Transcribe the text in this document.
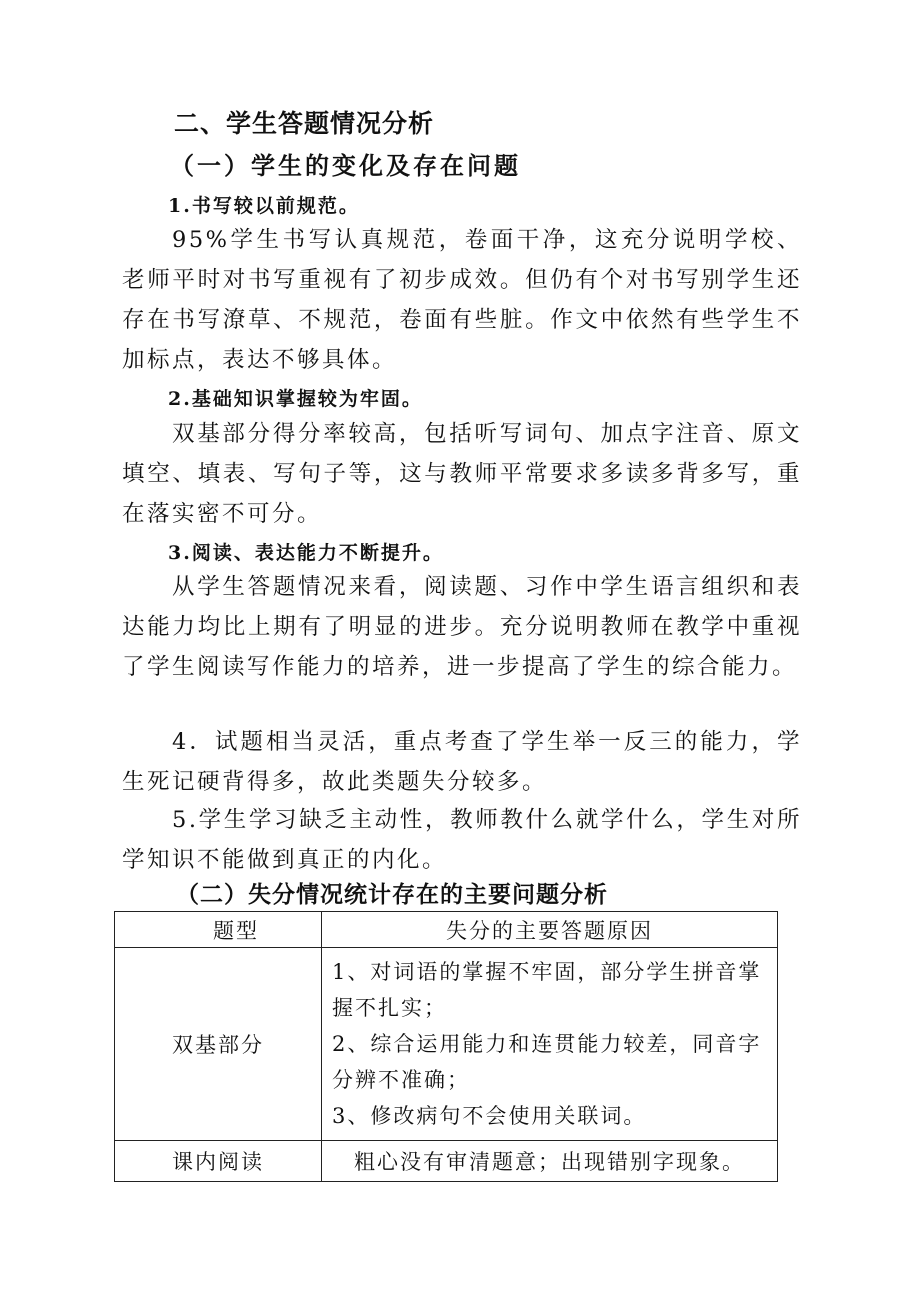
二、学生答题情况分析
（一）学生的变化及存在问题
1.书写较以前规范。
95%学生书写认真规范，卷面干净，这充分说明学校、老师平时对书写重视有了初步成效。但仍有个对书写别学生还存在书写潦草、不规范，卷面有些脏。作文中依然有些学生不加标点，表达不够具体。
2.基础知识掌握较为牢固。
双基部分得分率较高，包括听写词句、加点字注音、原文填空、填表、写句子等，这与教师平常要求多读多背多写，重在落实密不可分。
3.阅读、表达能力不断提升。
从学生答题情况来看，阅读题、习作中学生语言组织和表达能力均比上期有了明显的进步。充分说明教师在教学中重视了学生阅读写作能力的培养，进一步提高了学生的综合能力。
4．试题相当灵活，重点考查了学生举一反三的能力，学生死记硬背得多，故此类题失分较多。
5.学生学习缺乏主动性，教师教什么就学什么，学生对所学知识不能做到真正的内化。
（二）失分情况统计存在的主要问题分析
题型	失分的主要答题原因
双基部分	1、对词语的掌握不牢固，部分学生拼音掌握不扎实；
2、综合运用能力和连贯能力较差，同音字分辨不准确；
3、修改病句不会使用关联词。

课内阅读	粗心没有审清题意；出现错别字现象。
